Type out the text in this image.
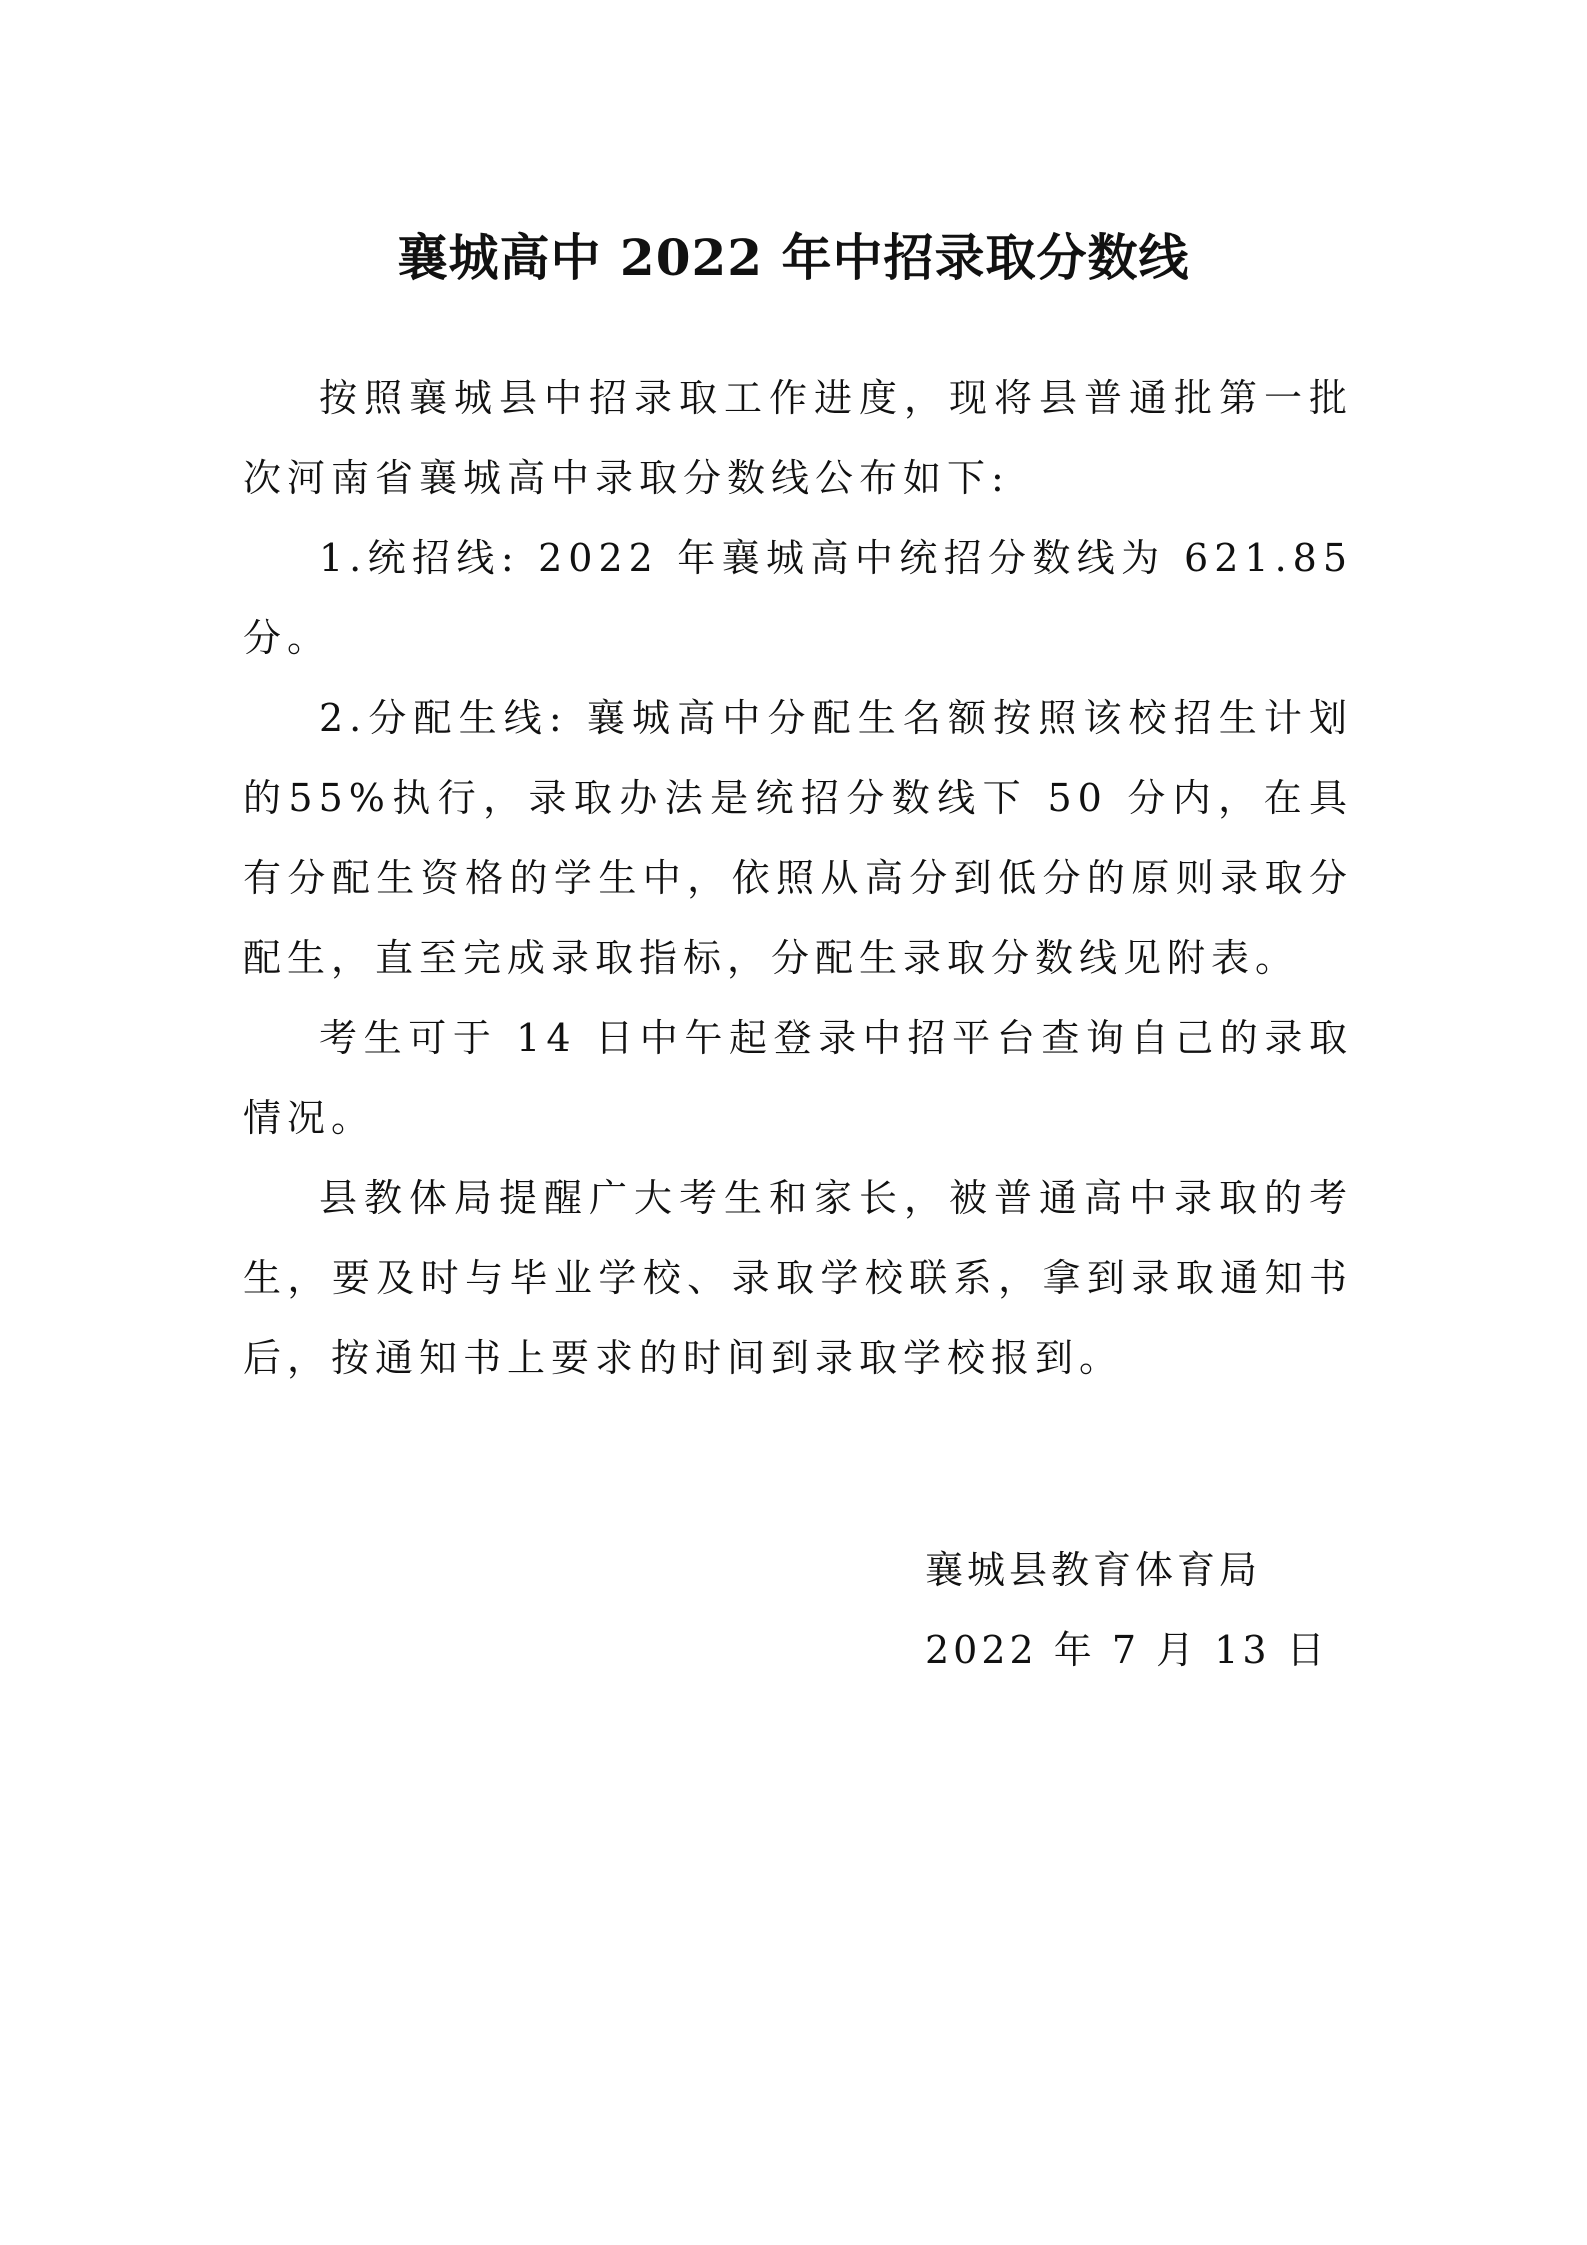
襄城高中 2022 年中招录取分数线

按照襄城县中招录取工作进度，现将县普通批第一批次河南省襄城高中录取分数线公布如下:

1.统招线: 2022 年襄城高中统招分数线为 621.85 分。

2.分配生线: 襄城高中分配生名额按照该校招生计划的55%执行，录取办法是统招分数线下 50 分内，在具有分配生资格的学生中，依照从高分到低分的原则录取分配生，直至完成录取指标，分配生录取分数线见附表。

考生可于 14 日中午起登录中招平台查询自己的录取情况。

县教体局提醒广大考生和家长，被普通高中录取的考生，要及时与毕业学校、录取学校联系，拿到录取通知书后，按通知书上要求的时间到录取学校报到。

襄城县教育体育局

2022 年 7 月 13 日
